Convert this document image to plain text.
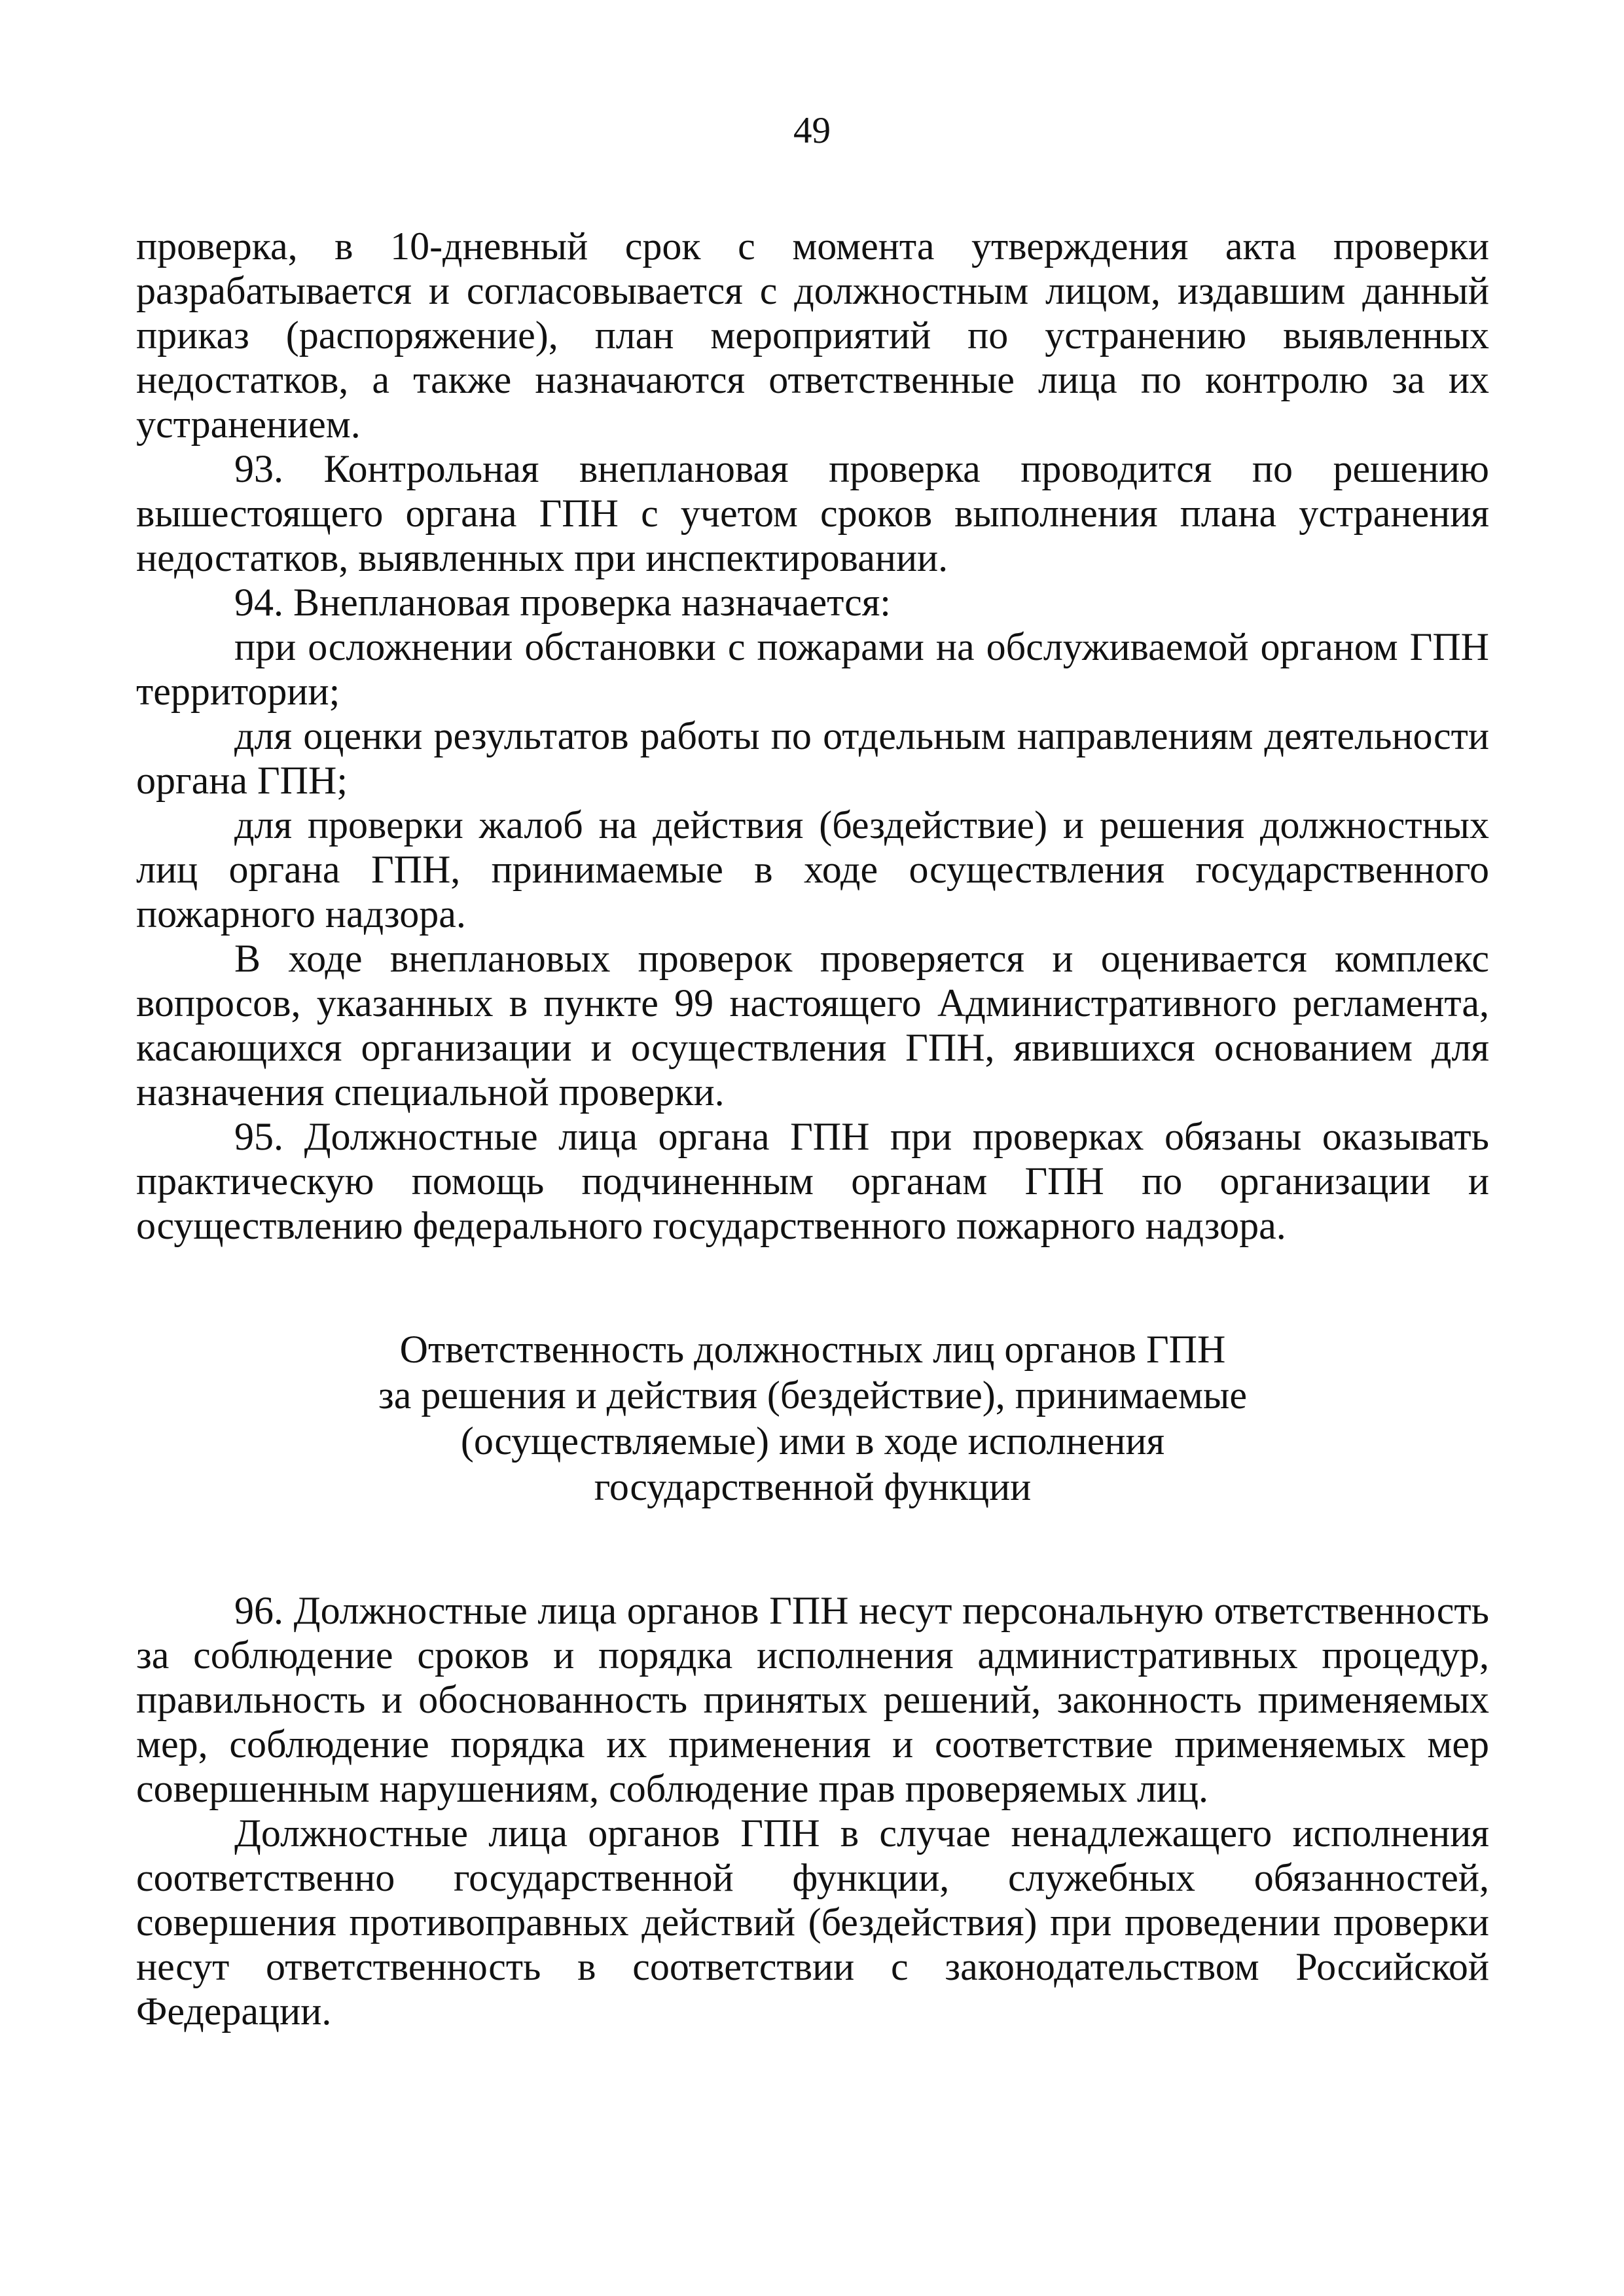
49

проверка, в 10-дневный срок с момента утверждения акта проверки разрабатывается и согласовывается с должностным лицом, издавшим данный приказ (распоряжение), план мероприятий по устранению выявленных недостатков, а также назначаются ответственные лица по контролю за их устранением.

93. Контрольная внеплановая проверка проводится по решению вышестоящего органа ГПН с учетом сроков выполнения плана устранения недостатков, выявленных при инспектировании.

94. Внеплановая проверка назначается:

при осложнении обстановки с пожарами на обслуживаемой органом ГПН территории;

для оценки результатов работы по отдельным направлениям деятельности органа ГПН;

для проверки жалоб на действия (бездействие) и решения должностных лиц органа ГПН, принимаемые в ходе осуществления государственного пожарного надзора.

В ходе внеплановых проверок проверяется и оценивается комплекс вопросов, указанных в пункте 99 настоящего Административного регламента, касающихся организации и осуществления ГПН, явившихся основанием для назначения специальной проверки.

95. Должностные лица органа ГПН при проверках обязаны оказывать практическую помощь подчиненным органам ГПН по организации и осуществлению федерального государственного пожарного надзора.

Ответственность должностных лиц органов ГПН
за решения и действия (бездействие), принимаемые
(осуществляемые) ими в ходе исполнения
государственной функции

96. Должностные лица органов ГПН несут персональную ответственность за соблюдение сроков и порядка исполнения административных процедур, правильность и обоснованность принятых решений, законность применяемых мер, соблюдение порядка их применения и соответствие применяемых мер совершенным нарушениям, соблюдение прав проверяемых лиц.

Должностные лица органов ГПН в случае ненадлежащего исполнения соответственно государственной функции, служебных обязанностей, совершения противоправных действий (бездействия) при проведении проверки несут ответственность в соответствии с законодательством Российской Федерации.
